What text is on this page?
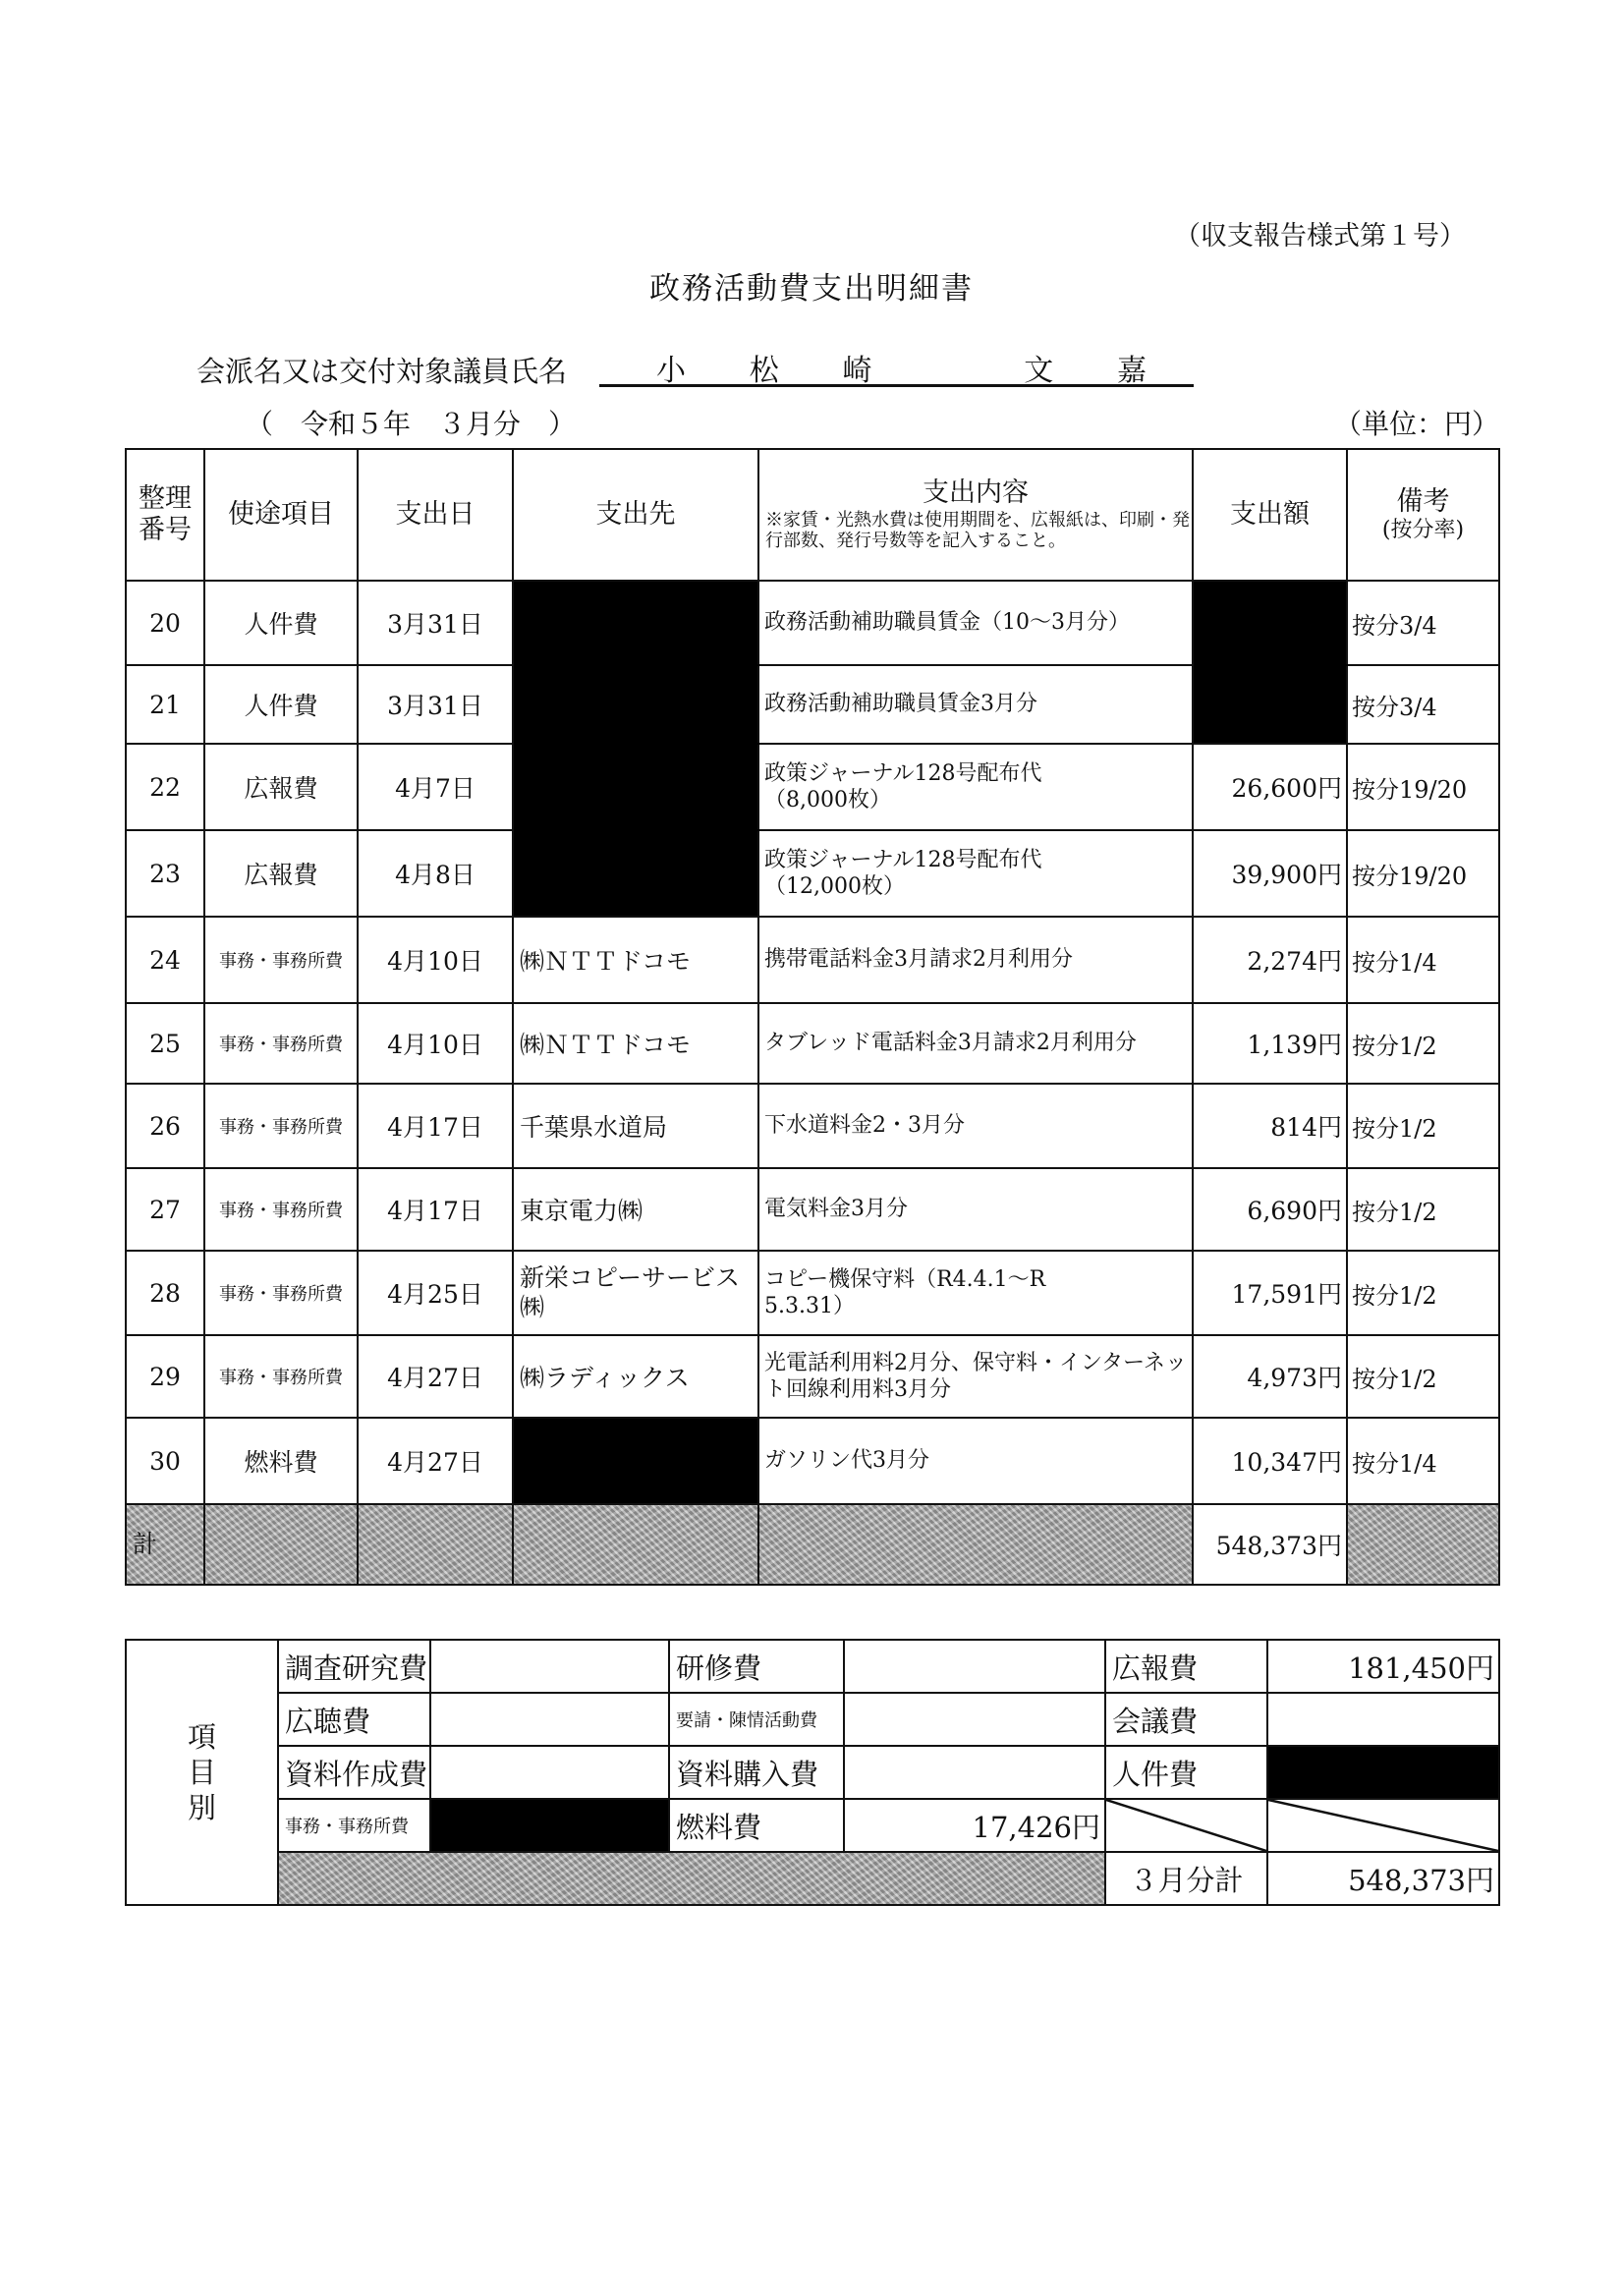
（収支報告様式第１号）
政務活動費支出明細書
会派名又は交付対象議員氏名	小 松 崎	文 嘉
（　令和５年　３月分　）	（単位：円）
整理番号	使途項目	支出日	支出先	支出内容
※家賃・光熱水費は使用期間を、広報紙は、印刷・発行部数、発行号数等を記入すること。	支出額	備考
(按分率)

20	人件費	3月31日		政務活動補助職員賃金（10～3月分）		按分3/4
21	人件費	3月31日		政務活動補助職員賃金3月分		按分3/4
22	広報費	4月7日		政策ジャーナル128号配布代
（8,000枚）	26,600円	按分19/20
23	広報費	4月8日		政策ジャーナル128号配布代
（12,000枚）	39,900円	按分19/20
24	事務・事務所費	4月10日	㈱ＮＴＴドコモ	携帯電話料金3月請求2月利用分	2,274円	按分1/4
25	事務・事務所費	4月10日	㈱ＮＴＴドコモ	タブレッド電話料金3月請求2月利用分	1,139円	按分1/2
26	事務・事務所費	4月17日	千葉県水道局	下水道料金2・3月分	814円	按分1/2
27	事務・事務所費	4月17日	東京電力㈱	電気料金3月分	6,690円	按分1/2
28	事務・事務所費	4月25日	新栄コピーサービス㈱	コピー機保守料（R4.4.1～R
5.3.31）	17,591円	按分1/2
29	事務・事務所費	4月27日	㈱ラディックス	光電話利用料2月分、保守料・インターネット回線利用料3月分	4,973円	按分1/2
30	燃料費	4月27日		ガソリン代3月分	10,347円	按分1/4
計					548,373円	
項
目
別	調査研究費		研修費		広報費	181,450円
	広聴費		要請・陳情活動費		会議費	
	資料作成費		資料購入費		人件費	
	事務・事務所費		燃料費	17,426円		
					３月分計	548,373円
